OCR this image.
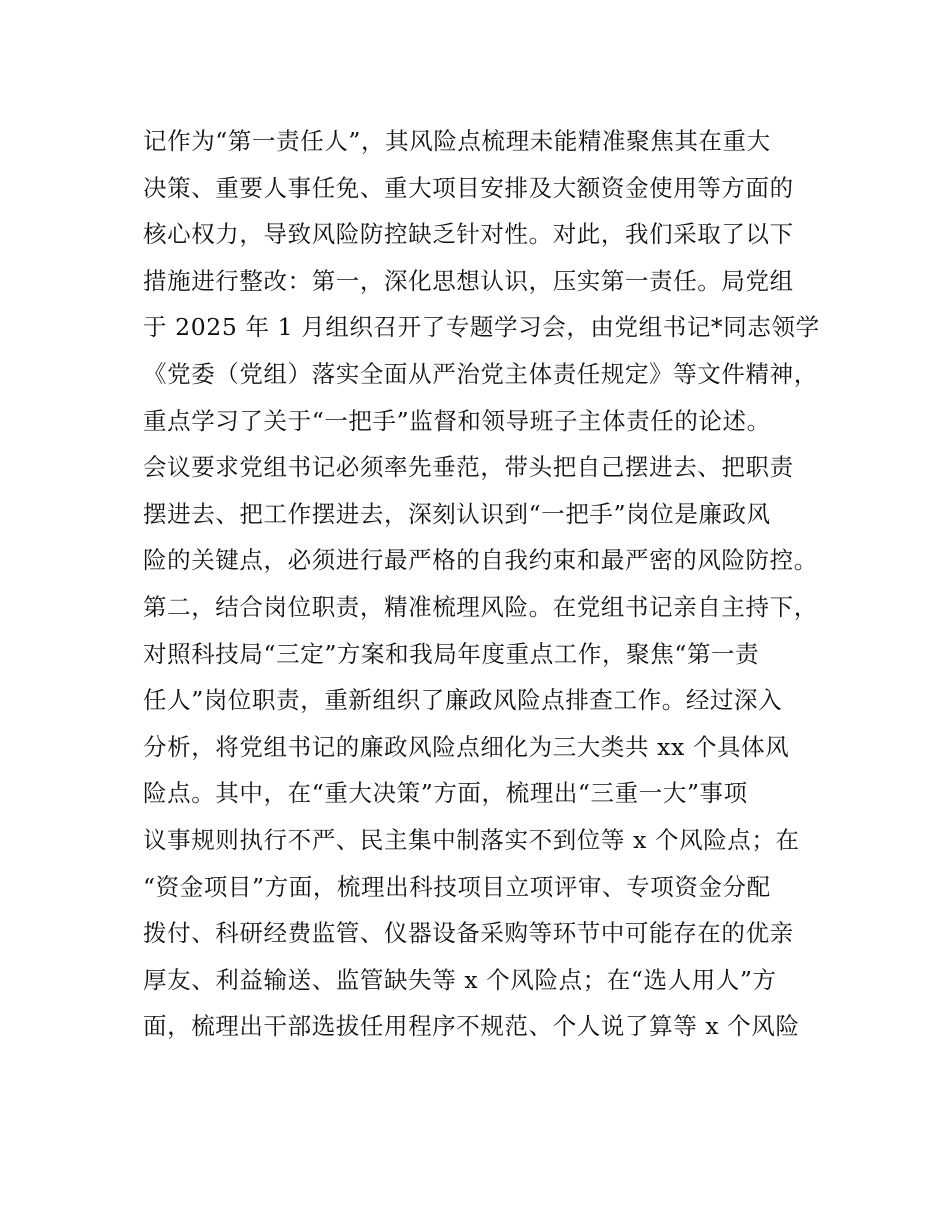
记作为“第一责任人”，其风险点梳理未能精准聚焦其在重大
决策、重要人事任免、重大项目安排及大额资金使用等方面的
核心权力，导致风险防控缺乏针对性。对此，我们采取了以下
措施进行整改：第一，深化思想认识，压实第一责任。局党组
于 2025 年 1 月组织召开了专题学习会，由党组书记*同志领学
《党委（党组）落实全面从严治党主体责任规定》等文件精神，
重点学习了关于“一把手”监督和领导班子主体责任的论述。
会议要求党组书记必须率先垂范，带头把自己摆进去、把职责
摆进去、把工作摆进去，深刻认识到“一把手”岗位是廉政风
险的关键点，必须进行最严格的自我约束和最严密的风险防控。
第二，结合岗位职责，精准梳理风险。在党组书记亲自主持下，
对照科技局“三定”方案和我局年度重点工作，聚焦“第一责
任人”岗位职责，重新组织了廉政风险点排查工作。经过深入
分析，将党组书记的廉政风险点细化为三大类共 xx 个具体风
险点。其中，在“重大决策”方面，梳理出“三重一大”事项
议事规则执行不严、民主集中制落实不到位等 x 个风险点；在
“资金项目”方面，梳理出科技项目立项评审、专项资金分配
拨付、科研经费监管、仪器设备采购等环节中可能存在的优亲
厚友、利益输送、监管缺失等 x 个风险点；在“选人用人”方
面，梳理出干部选拔任用程序不规范、个人说了算等 x 个风险
